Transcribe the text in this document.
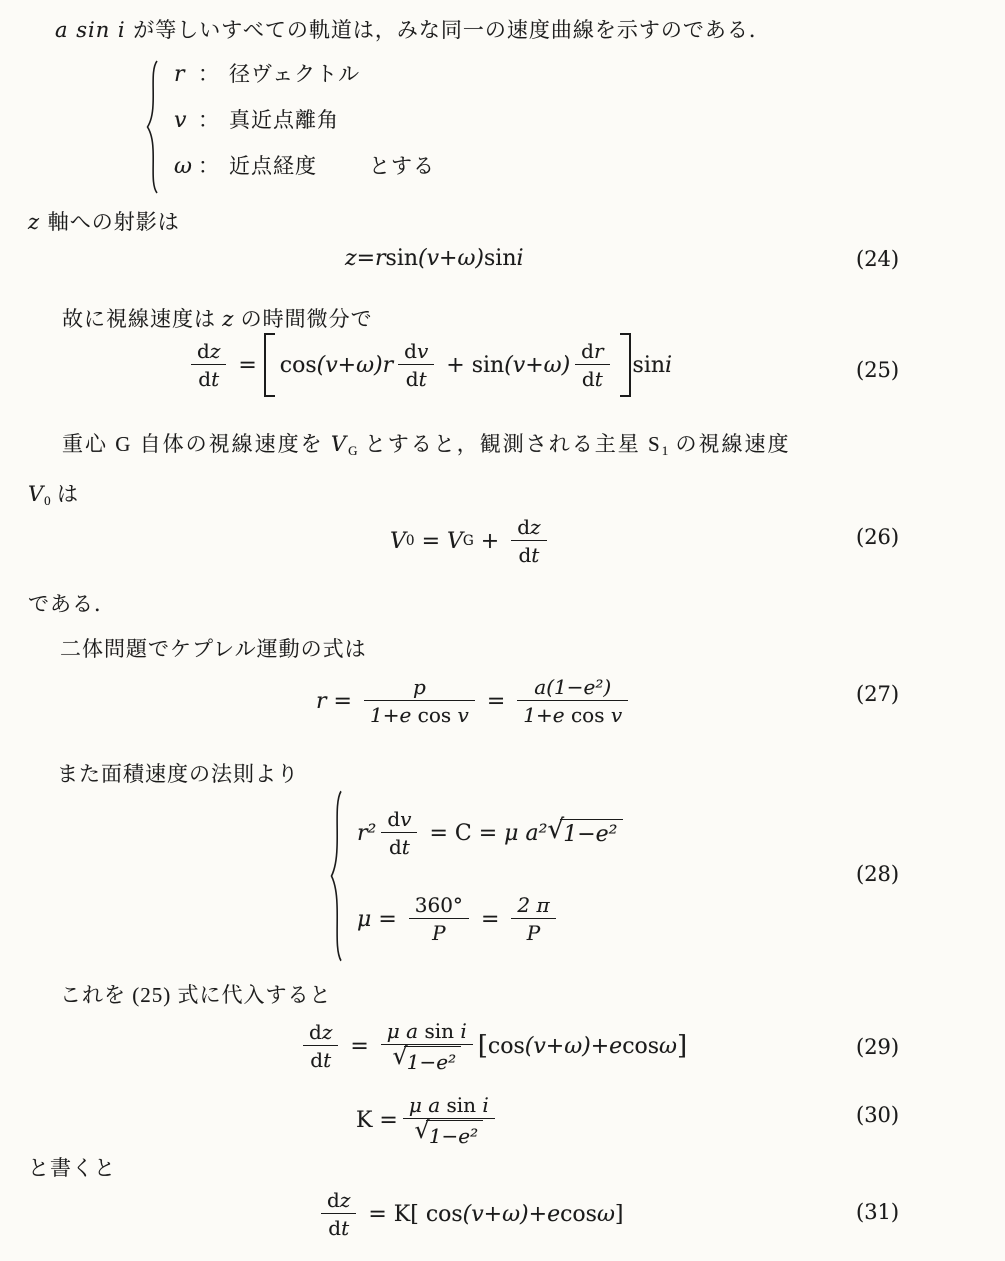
a sin i が等しいすべての軌道は，みな同一の速度曲線を示すのである．
r ： 径ヴェクトル
v ： 真近点離角
ω ： 近点経度 とする
z 軸への射影は
z=r sin (v+ω) sin i	(24)
故に視線速度は z の時間微分で
$\frac{dz}{dt} = \cos (v+\omega)r \frac{dv}{dt} + \sin (v+\omega) \frac{dr}{dt}$ sin i	(25)
重心 G 自体の視線速度を $V_G$ とすると，観測される主星 $S_1$ の視線速度
$V_0$ は
V 0 = V $G + \frac{dz}{dt}$	(26)
である．
二体問題でケプレル運動の式は
$r = \frac{p}{\text{1+e cos v}} = \frac{\text{a(1−e²)}}{\text{1+e cos v}}$	(27)
また面積速度の法則より
$r^2 \frac{dv}{dt} = C = \mu$ a² √ 1−e²
$\mu = \frac{360^\circ}{P} = \frac{2 \pi}{P}$
(28)
これを (25) 式に代入すると
$\frac{dz}{dt} = \frac{\text{μ a sin i}}{\text{√ 1−e²}}$ [ cos (v+ω)+e cos ω ]	(29)
$K = \frac{\text{μ a sin i}}{\text{√ 1−e²}}$	(30)
と書くと
$\frac{dz}{dt} = K$[ cos (v+ω)+e cos ω ]	(31)
